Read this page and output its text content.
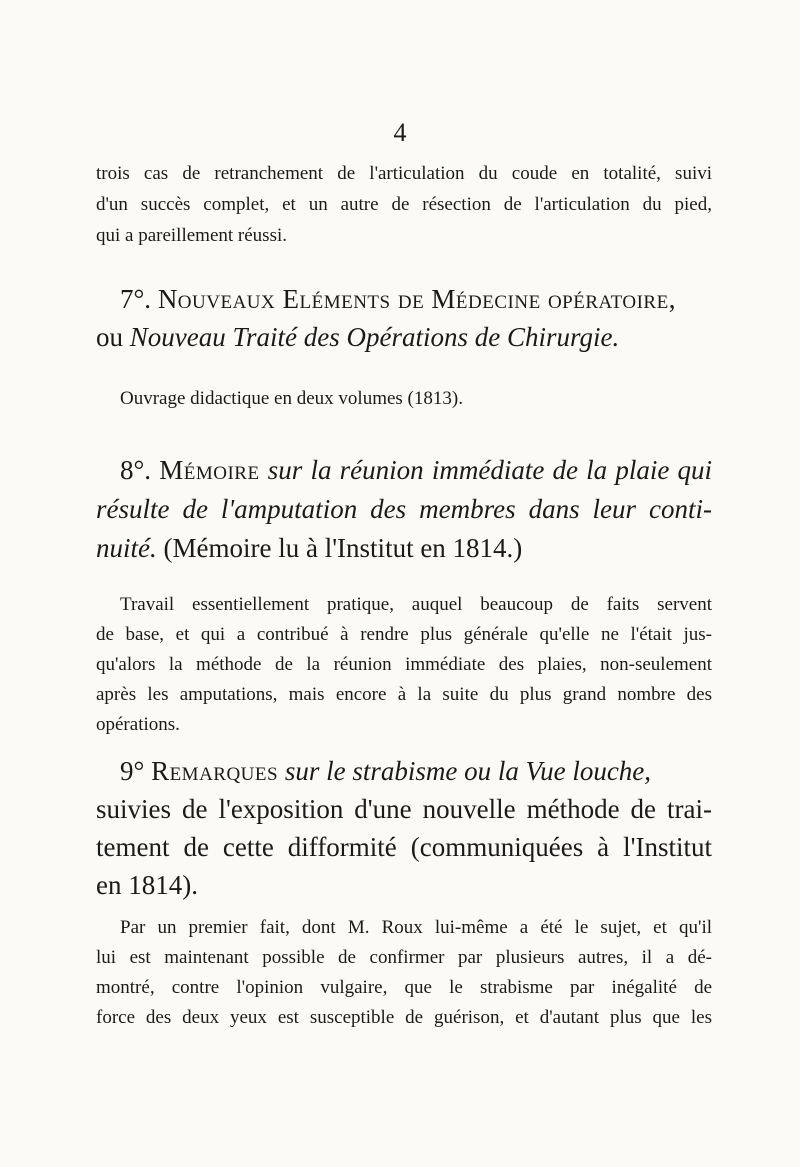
4
trois cas de retranchement de l'articulation du coude en totalité, suivi
d'un succès complet, et un autre de résection de l'articulation du pied,
qui a pareillement réussi.
7°. Nouveaux Eléments de Médecine opératoire,
ou Nouveau Traité des Opérations de Chirurgie.
Ouvrage didactique en deux volumes (1813).
8°. Mémoire sur la réunion immédiate de la plaie qui
résulte de l'amputation des membres dans leur conti-
nuité. (Mémoire lu à l'Institut en 1814.)
Travail essentiellement pratique, auquel beaucoup de faits servent
de base, et qui a contribué à rendre plus générale qu'elle ne l'était jus-
qu'alors la méthode de la réunion immédiate des plaies, non-seulement
après les amputations, mais encore à la suite du plus grand nombre des
opérations.
9° Remarques sur le strabisme ou la Vue louche,
suivies de l'exposition d'une nouvelle méthode de trai-
tement de cette difformité (communiquées à l'Institut
en 1814).
Par un premier fait, dont M. Roux lui-même a été le sujet, et qu'il
lui est maintenant possible de confirmer par plusieurs autres, il a dé-
montré, contre l'opinion vulgaire, que le strabisme par inégalité de
force des deux yeux est susceptible de guérison, et d'autant plus que les
